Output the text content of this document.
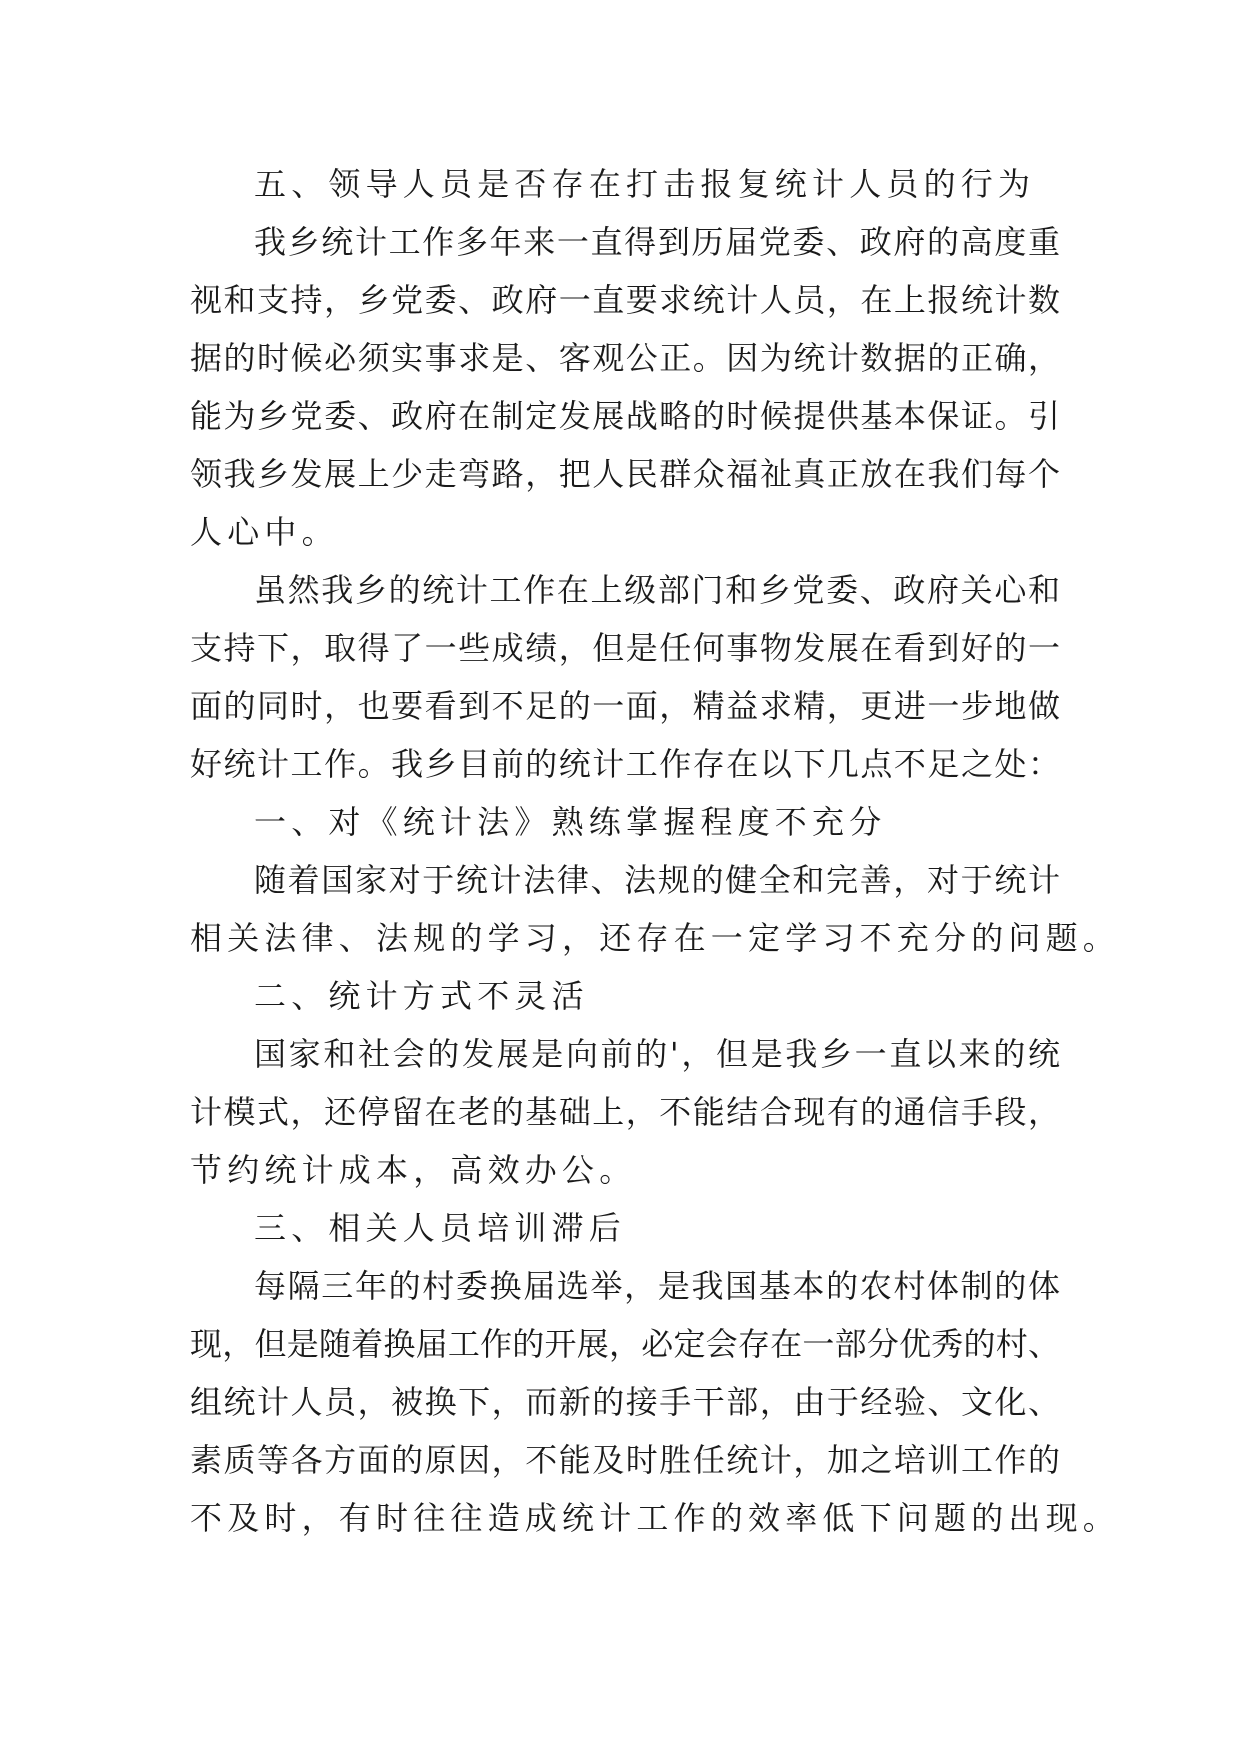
五、领导人员是否存在打击报复统计人员的行为
我乡统计工作多年来一直得到历届党委、政府的高度重
视和支持，乡党委、政府一直要求统计人员，在上报统计数
据的时候必须实事求是、客观公正。因为统计数据的正确，
能为乡党委、政府在制定发展战略的时候提供基本保证。引
领我乡发展上少走弯路，把人民群众福祉真正放在我们每个
人心中。
虽然我乡的统计工作在上级部门和乡党委、政府关心和
支持下，取得了一些成绩，但是任何事物发展在看到好的一
面的同时，也要看到不足的一面，精益求精，更进一步地做
好统计工作。我乡目前的统计工作存在以下几点不足之处：
一、对《统计法》熟练掌握程度不充分
随着国家对于统计法律、法规的健全和完善，对于统计
相关法律、法规的学习，还存在一定学习不充分的问题。
二、统计方式不灵活
国家和社会的发展是向前的'，但是我乡一直以来的统
计模式，还停留在老的基础上，不能结合现有的通信手段，
节约统计成本，高效办公。
三、相关人员培训滞后
每隔三年的村委换届选举，是我国基本的农村体制的体
现，但是随着换届工作的开展，必定会存在一部分优秀的村、
组统计人员，被换下，而新的接手干部，由于经验、文化、
素质等各方面的原因，不能及时胜任统计，加之培训工作的
不及时，有时往往造成统计工作的效率低下问题的出现。
